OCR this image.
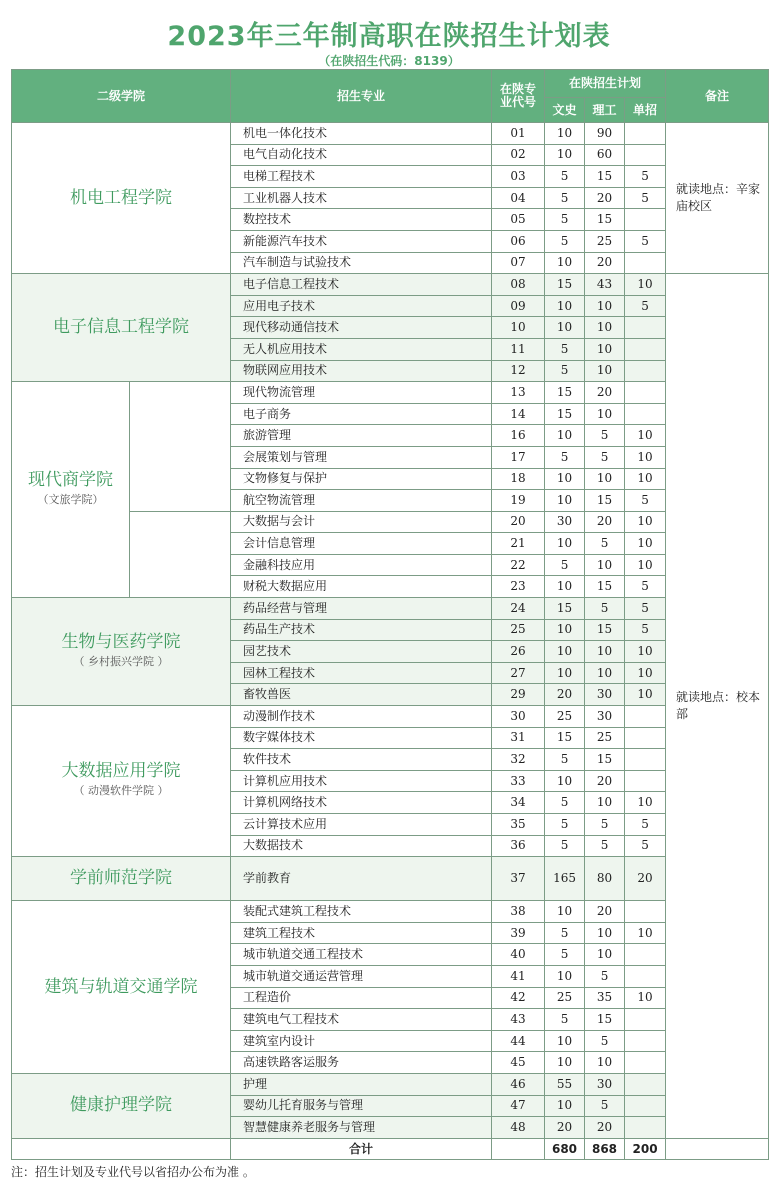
2023年三年制高职在陕招生计划表
（在陕招生代码：8139）
二级学院		招生专业	在陕专
业代号	在陕招生计划			备注
				文史	理工	单招	
机电工程学院		机电一体化技术	01	10	90		就读地点：辛家庙校区
		电气自动化技术	02	10	60		
		电梯工程技术	03	5	15	5	
		工业机器人技术	04	5	20	5	
		数控技术	05	5	15		
		新能源汽车技术	06	5	25	5	
		汽车制造与试验技术	07	10	20		
电子信息工程学院		电子信息工程技术	08	15	43	10	就读地点：校本部
		应用电子技术	09	10	10	5	
		现代移动通信技术	10	10	10		
		无人机应用技术	11	5	10		
		物联网应用技术	12	5	10		
现代商学院
（文旅学院）		现代物流管理	13	15	20		
		电子商务	14	15	10		
		旅游管理	16	10	5	10	
		会展策划与管理	17	5	5	10	
		文物修复与保护	18	10	10	10	
		航空物流管理	19	10	15	5	
		大数据与会计	20	30	20	10	
		会计信息管理	21	10	5	10	
		金融科技应用	22	5	10	10	
		财税大数据应用	23	10	15	5	
生物与医药学院
（ 乡村振兴学院 ）		药品经营与管理	24	15	5	5	
		药品生产技术	25	10	15	5	
		园艺技术	26	10	10	10	
		园林工程技术	27	10	10	10	
		畜牧兽医	29	20	30	10	
大数据应用学院
（ 动漫软件学院 ）		动漫制作技术	30	25	30		
		数字媒体技术	31	15	25		
		软件技术	32	5	15		
		计算机应用技术	33	10	20		
		计算机网络技术	34	5	10	10	
		云计算技术应用	35	5	5	5	
		大数据技术	36	5	5	5	
学前师范学院		学前教育	37	165	80	20	
建筑与轨道交通学院		装配式建筑工程技术	38	10	20		
		建筑工程技术	39	5	10	10	
		城市轨道交通工程技术	40	5	10		
		城市轨道交通运营管理	41	10	5		
		工程造价	42	25	35	10	
		建筑电气工程技术	43	5	15		
		建筑室内设计	44	10	5		
		高速铁路客运服务	45	10	10		
健康护理学院		护理	46	55	30		
		婴幼儿托育服务与管理	47	10	5		
		智慧健康养老服务与管理	48	20	20		
		合计		680	868	200	
注：招生计划及专业代号以省招办公布为准 。
